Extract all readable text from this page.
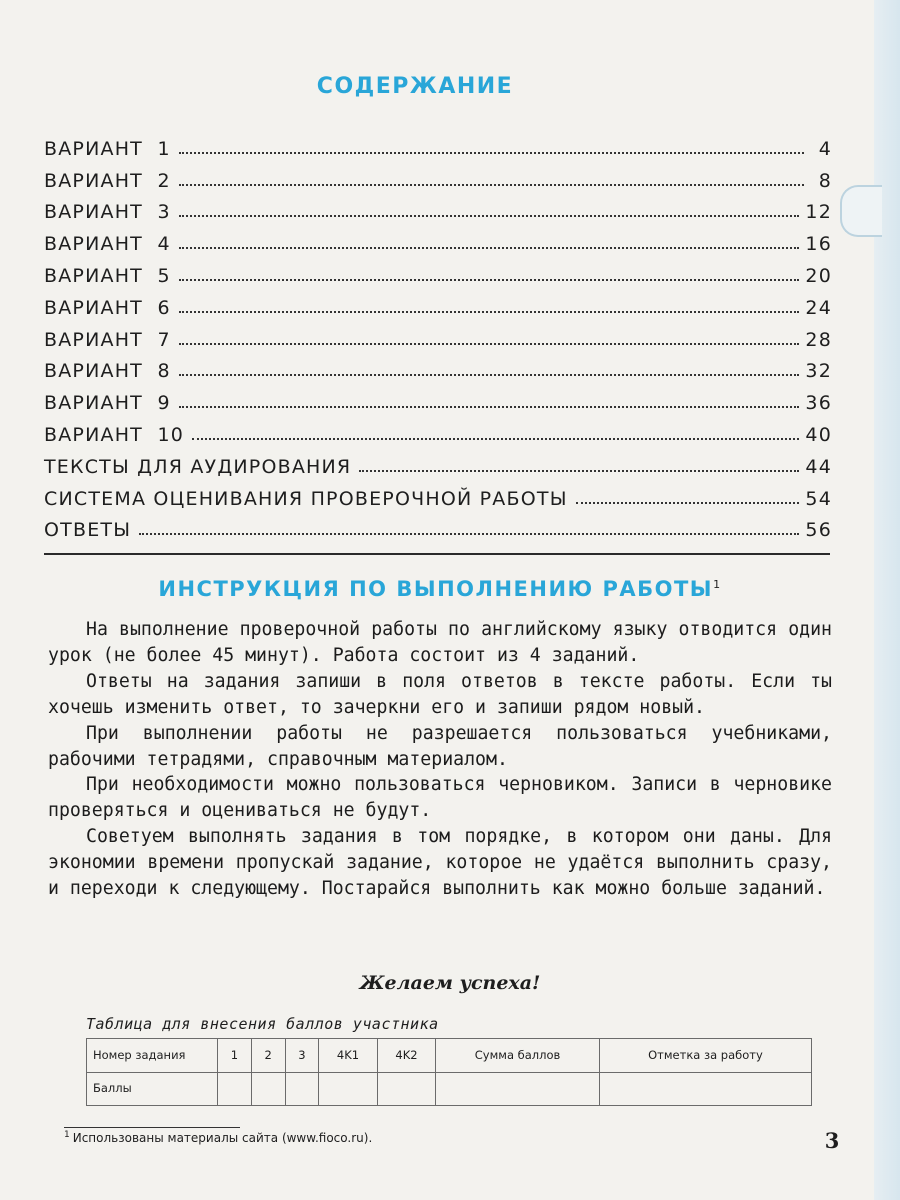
СОДЕРЖАНИЕ
ВАРИАНТ  1	4
ВАРИАНТ  2	8
ВАРИАНТ  3	12
ВАРИАНТ  4	16
ВАРИАНТ  5	20
ВАРИАНТ  6	24
ВАРИАНТ  7	28
ВАРИАНТ  8	32
ВАРИАНТ  9	36
ВАРИАНТ  10	40
ТЕКСТЫ ДЛЯ АУДИРОВАНИЯ	44
СИСТЕМА ОЦЕНИВАНИЯ ПРОВЕРОЧНОЙ РАБОТЫ	54
ОТВЕТЫ	56
ИНСТРУКЦИЯ ПО ВЫПОЛНЕНИЮ РАБОТЫ$^1$

На выполнение проверочной работы по английскому языку отводится один урок (не более 45 минут). Работа состоит из 4 заданий.

Ответы на задания запиши в поля ответов в тексте работы. Если ты хочешь изменить ответ, то зачеркни его и запиши рядом новый.

При выполнении работы не разрешается пользоваться учебниками, рабочими тетрадями, справочным материалом.

При необходимости можно пользоваться черновиком. Записи в черновике проверяться и оцениваться не будут.

Советуем выполнять задания в том порядке, в котором они даны. Для экономии времени пропускай задание, которое не удаётся выполнить сразу, и переходи к следующему. Постарайся выполнить как можно больше заданий.

Желаем успеха!
Таблица для внесения баллов участника
Номер задания	1	2	3	4K1	4K2	Сумма баллов	Отметка за работу
Баллы							
$^1$ Использованы материалы сайта (www.fioco.ru).	3
